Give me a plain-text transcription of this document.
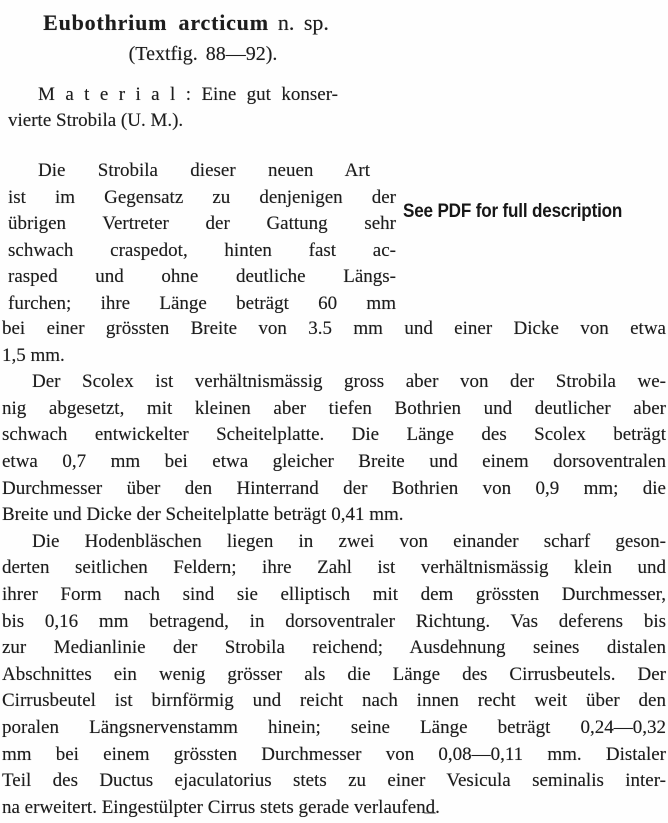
Eubothrium arcticum n. sp.
(Textfig. 88—92).
M a t e r i a l : Eine gut konser-
vierte Strobila (U. M.).
Die Strobila dieser neuen Art
ist im Gegensatz zu denjenigen der
übrigen Vertreter der Gattung sehr
schwach craspedot, hinten fast ac-
rasped und ohne deutliche Längs-
furchen; ihre Länge beträgt 60 mm
See PDF for full description
bei einer grössten Breite von 3.5 mm und einer Dicke von etwa
1,5 mm.
Der Scolex ist verhältnismässig gross aber von der Strobila we-
nig abgesetzt, mit kleinen aber tiefen Bothrien und deutlicher aber
schwach entwickelter Scheitelplatte. Die Länge des Scolex beträgt
etwa 0,7 mm bei etwa gleicher Breite und einem dorsoventralen
Durchmesser über den Hinterrand der Bothrien von 0,9 mm; die
Breite und Dicke der Scheitelplatte beträgt 0,41 mm.
Die Hodenbläschen liegen in zwei von einander scharf geson-
derten seitlichen Feldern; ihre Zahl ist verhältnismässig klein und
ihrer Form nach sind sie elliptisch mit dem grössten Durchmesser,
bis 0,16 mm betragend, in dorsoventraler Richtung. Vas deferens bis
zur Medianlinie der Strobila reichend; Ausdehnung seines distalen
Abschnittes ein wenig grösser als die Länge des Cirrusbeutels. Der
Cirrusbeutel ist birnförmig und reicht nach innen recht weit über den
poralen Längsnervenstamm hinein; seine Länge beträgt 0,24—0,32
mm bei einem grössten Durchmesser von 0,08—0,11 mm. Distaler
Teil des Ductus ejaculatorius stets zu einer Vesicula seminalis inter-
na erweitert. Eingestülpter Cirrus stets gerade verlaufend.
